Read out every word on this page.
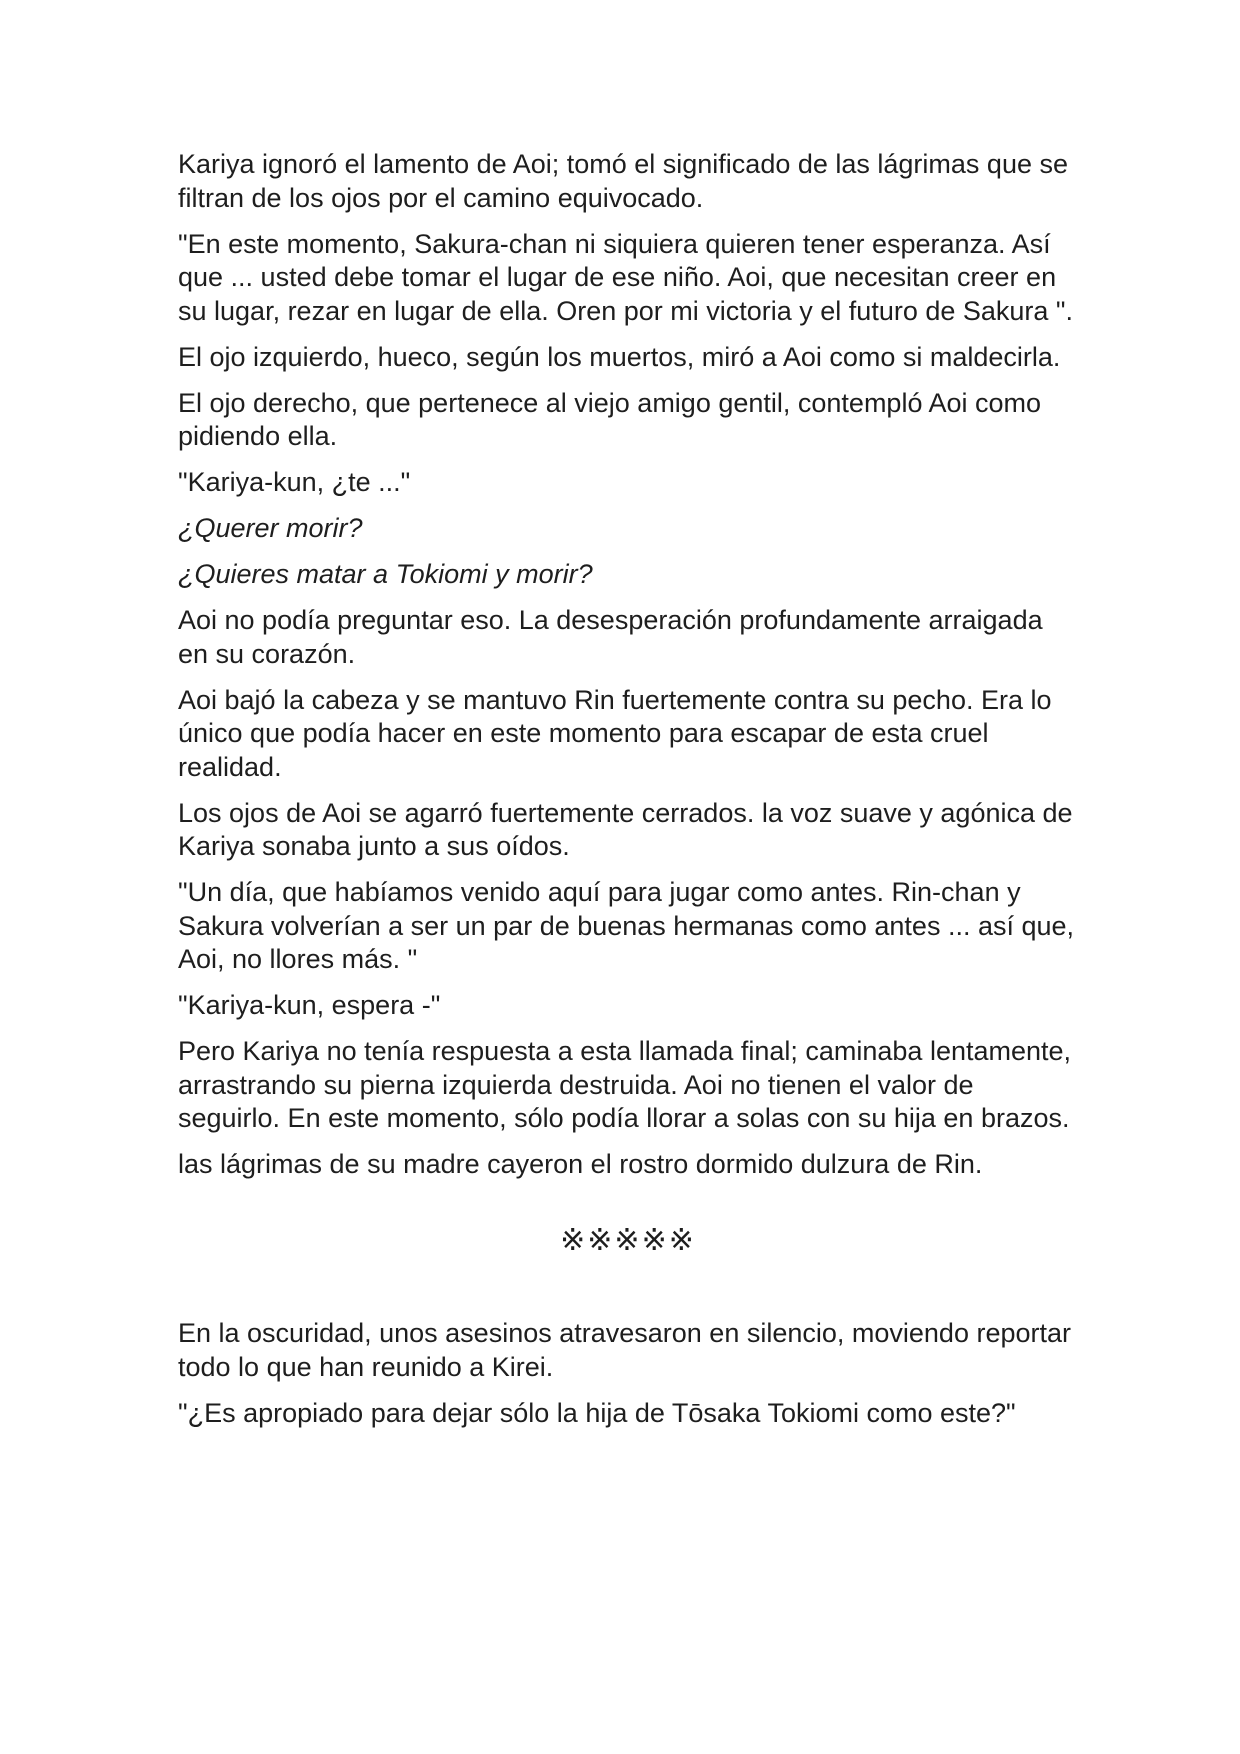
Kariya ignoró el lamento de Aoi; tomó el significado de las lágrimas que se filtran de los ojos por el camino equivocado.

"En este momento, Sakura-chan ni siquiera quieren tener esperanza. Así que ... usted debe tomar el lugar de ese niño. Aoi, que necesitan creer en su lugar, rezar en lugar de ella. Oren por mi victoria y el futuro de Sakura ".

El ojo izquierdo, hueco, según los muertos, miró a Aoi como si maldecirla.

El ojo derecho, que pertenece al viejo amigo gentil, contempló Aoi como pidiendo ella.

"Kariya-kun, ¿te ..."

¿Querer morir?

¿Quieres matar a Tokiomi y morir?

Aoi no podía preguntar eso. La desesperación profundamente arraigada en su corazón.

Aoi bajó la cabeza y se mantuvo Rin fuertemente contra su pecho. Era lo único que podía hacer en este momento para escapar de esta cruel realidad.

Los ojos de Aoi se agarró fuertemente cerrados. la voz suave y agónica de Kariya sonaba junto a sus oídos.

"Un día, que habíamos venido aquí para jugar como antes. Rin-chan y Sakura volverían a ser un par de buenas hermanas como antes ... así que, Aoi, no llores más. "

"Kariya-kun, espera -"

Pero Kariya no tenía respuesta a esta llamada final; caminaba lentamente, arrastrando su pierna izquierda destruida. Aoi no tienen el valor de seguirlo. En este momento, sólo podía llorar a solas con su hija en brazos.

las lágrimas de su madre cayeron el rostro dormido dulzura de Rin.

※※※※※

En la oscuridad, unos asesinos atravesaron en silencio, moviendo reportar todo lo que han reunido a Kirei.

"¿Es apropiado para dejar sólo la hija de Tōsaka Tokiomi como este?"
